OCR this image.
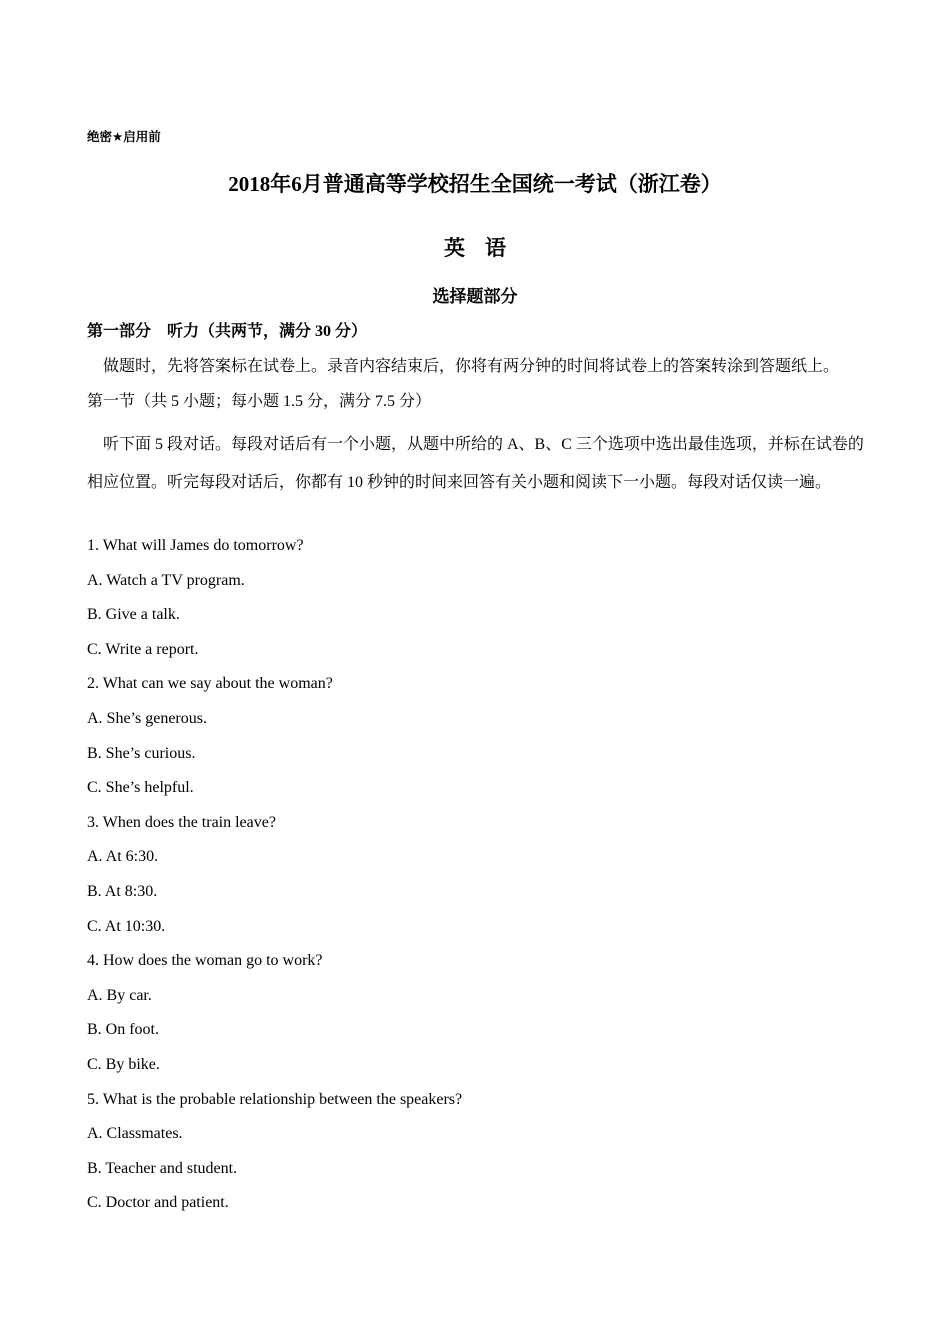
绝密★启用前
2018年6月普通高等学校招生全国统一考试（浙江卷）
英语
选择题部分
第一部分    听力（共两节，满分 30 分）
做题时，先将答案标在试卷上。录音内容结束后，你将有两分钟的时间将试卷上的答案转涂到答题纸上。
第一节（共 5 小题；每小题 1.5 分，满分 7.5 分）
听下面 5 段对话。每段对话后有一个小题，从题中所给的 A、B、C 三个选项中选出最佳选项，并标在试卷的相应位置。听完每段对话后，你都有 10 秒钟的时间来回答有关小题和阅读下一小题。每段对话仅读一遍。
1. What will James do tomorrow?
A. Watch a TV program.
B. Give a talk.
C. Write a report.
2. What can we say about the woman?
A. She’s generous.
B. She’s curious.
C. She’s helpful.
3. When does the train leave?
A. At 6:30.
B. At 8:30.
C. At 10:30.
4. How does the woman go to work?
A. By car.
B. On foot.
C. By bike.
5. What is the probable relationship between the speakers?
A. Classmates.
B. Teacher and student.
C. Doctor and patient.
